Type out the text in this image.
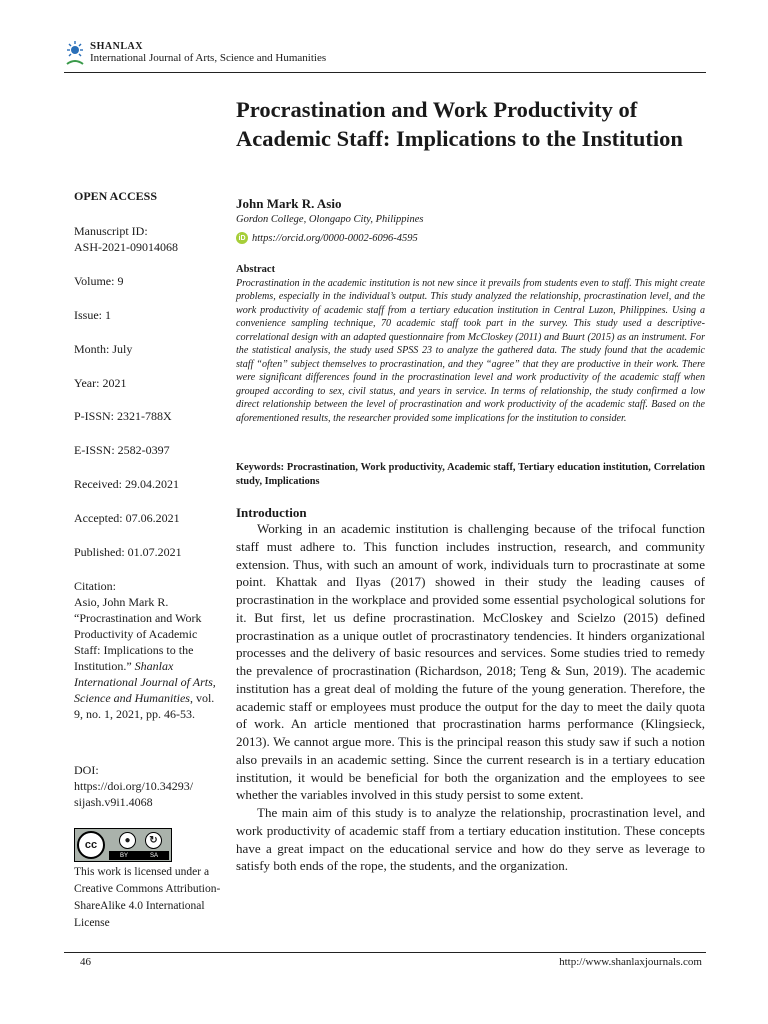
SHANLAX
International Journal of Arts, Science and Humanities
Procrastination and Work Productivity of Academic Staff: Implications to the Institution
John Mark R. Asio
Gordon College, Olongapo City, Philippines
iD https://orcid.org/0000-0002-6096-4595
Abstract

Procrastination in the academic institution is not new since it prevails from students even to staff. This might create problems, especially in the individual’s output. This study analyzed the relationship, procrastination level, and the work productivity of academic staff from a tertiary education institution in Central Luzon, Philippines. Using a convenience sampling technique, 70 academic staff took part in the survey. This study used a descriptive-correlational design with an adapted questionnaire from McCloskey (2011) and Buurt (2015) as an instrument. For the statistical analysis, the study used SPSS 23 to analyze the gathered data. The study found that the academic staff “often” subject themselves to procrastination, and they “agree” that they are productive in their work. There were significant differences found in the procrastination level and work productivity of the academic staff when grouped according to sex, civil status, and years in service. In terms of relationship, the study confirmed a low direct relationship between the level of procrastination and work productivity of the academic staff. Based on the aforementioned results, the researcher provided some implications for the institution to consider.

Keywords: Procrastination, Work productivity, Academic staff, Tertiary education institution, Correlation study, Implications

Introduction

Working in an academic institution is challenging because of the trifocal function staff must adhere to. This function includes instruction, research, and community extension. Thus, with such an amount of work, individuals turn to procrastinate at some point. Khattak and Ilyas (2017) showed in their study the leading causes of procrastination in the workplace and provided some essential psychological solutions for it. But first, let us define procrastination. McCloskey and Scielzo (2015) defined procrastination as a unique outlet of procrastinatory tendencies. It hinders organizational processes and the delivery of basic resources and services. Some studies tried to remedy the prevalence of procrastination (Richardson, 2018; Teng & Sun, 2019). The academic institution has a great deal of molding the future of the young generation. Therefore, the academic staff or employees must produce the output for the day to meet the daily quota of work. An article mentioned that procrastination harms performance (Klingsieck, 2013). We cannot argue more. This is the principal reason this study saw if such a notion also prevails in an academic setting. Since the current research is in a tertiary education institution, it would be beneficial for both the organization and the employees to see whether the variables involved in this study persist to some extent.

The main aim of this study is to analyze the relationship, procrastination level, and work productivity of academic staff from a tertiary education institution. These concepts have a great impact on the educational service and how do they serve as leverage to satisfy both ends of the rope, the students, and the organization.

OPEN ACCESS
Manuscript ID:
ASH-2021-09014068
Volume: 9
Issue: 1
Month: July
Year: 2021
P-ISSN: 2321-788X
E-ISSN: 2582-0397
Received: 29.04.2021
Accepted: 07.06.2021
Published: 01.07.2021
Citation:
Asio, John Mark R. “Procrastination and Work Productivity of Academic Staff: Implications to the Institution.” Shanlax International Journal of Arts, Science and Humanities, vol. 9, no. 1, 2021, pp. 46-53.
DOI:
https://doi.org/10.34293/ sijash.v9i1.4068
cc	●	↻
BY	SA
This work is licensed under a Creative Commons Attribution-ShareAlike 4.0 International License
46	http://www.shanlaxjournals.com
